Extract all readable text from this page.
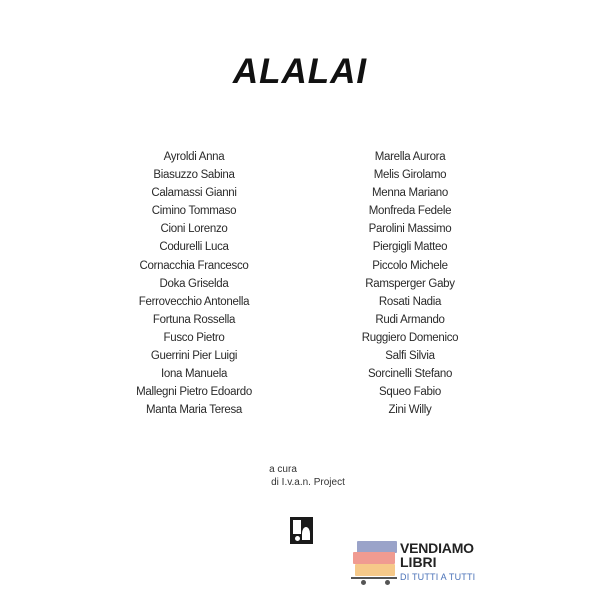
ALALAI
Ayroldi Anna
Biasuzzo Sabina
Calamassi Gianni
Cimino Tommaso
Cioni Lorenzo
Codurelli Luca
Cornacchia Francesco
Doka Griselda
Ferrovecchio Antonella
Fortuna Rossella
Fusco Pietro
Guerrini Pier Luigi
Iona Manuela
Mallegni Pietro Edoardo
Manta Maria Teresa
Marella Aurora
Melis Girolamo
Menna Mariano
Monfreda Fedele
Parolini Massimo
Piergigli Matteo
Piccolo Michele
Ramsperger Gaby
Rosati Nadia
Rudi Armando
Ruggiero Domenico
Salfi Silvia
Sorcinelli Stefano
Squeo Fabio
Zini Willy
a cura
di I.v.a.n. Project
VENDIAMO
LIBRI
DI TUTTI A TUTTI
